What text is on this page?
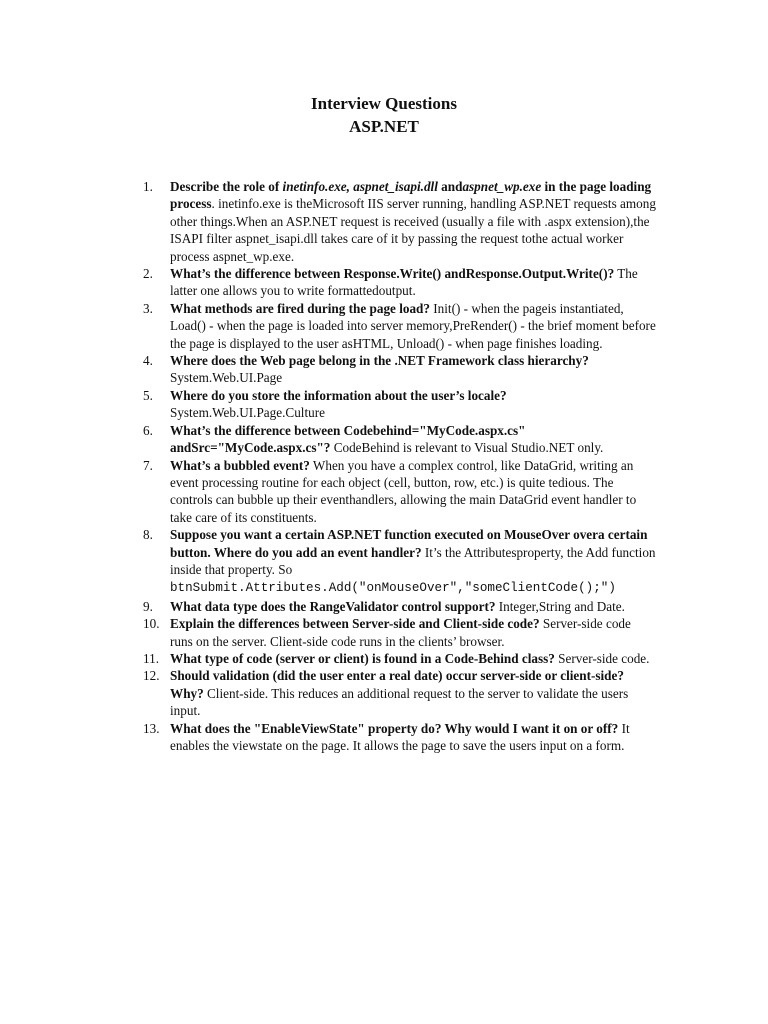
Interview Questions
ASP.NET
1.	Describe the role of inetinfo.exe, aspnet_isapi.dll andaspnet_wp.exe in the page loading process. inetinfo.exe is theMicrosoft IIS server running, handling ASP.NET requests among other things.When an ASP.NET request is received (usually a file with .aspx extension),the ISAPI filter aspnet_isapi.dll takes care of it by passing the request tothe actual worker process aspnet_wp.exe.
2.	What’s the difference between Response.Write() andResponse.Output.Write()? The latter one allows you to write formattedoutput.
3.	What methods are fired during the page load? Init() - when the pageis instantiated, Load() - when the page is loaded into server memory,PreRender() - the brief moment before the page is displayed to the user asHTML, Unload() - when page finishes loading.
4.	Where does the Web page belong in the .NET Framework class hierarchy?System.Web.UI.Page
5.	Where do you store the information about the user’s locale? System.Web.UI.Page.Culture
6.	What’s the difference between Codebehind="MyCode.aspx.cs" andSrc="MyCode.aspx.cs"? CodeBehind is relevant to Visual Studio.NET only.
7.	What’s a bubbled event? When you have a complex control, like DataGrid, writing an event processing routine for each object (cell, button, row, etc.) is quite tedious. The controls can bubble up their eventhandlers, allowing the main DataGrid event handler to take care of its constituents.
8.	Suppose you want a certain ASP.NET function executed on MouseOver overa certain button. Where do you add an event handler? It’s the Attributesproperty, the Add function inside that property. So btnSubmit.Attributes.Add("onMouseOver","someClientCode();")
9.	What data type does the RangeValidator control support? Integer,String and Date.
10. Explain the differences between Server-side and Client-side code? Server-side code runs on the server. Client-side code runs in the clients’ browser.
11. What type of code (server or client) is found in a Code-Behind class? Server-side code.
12. Should validation (did the user enter a real date) occur server-side or client-side? Why? Client-side. This reduces an additional request to the server to validate the users input.
13. What does the "EnableViewState" property do? Why would I want it on or off? It enables the viewstate on the page. It allows the page to save the users input on a form.
